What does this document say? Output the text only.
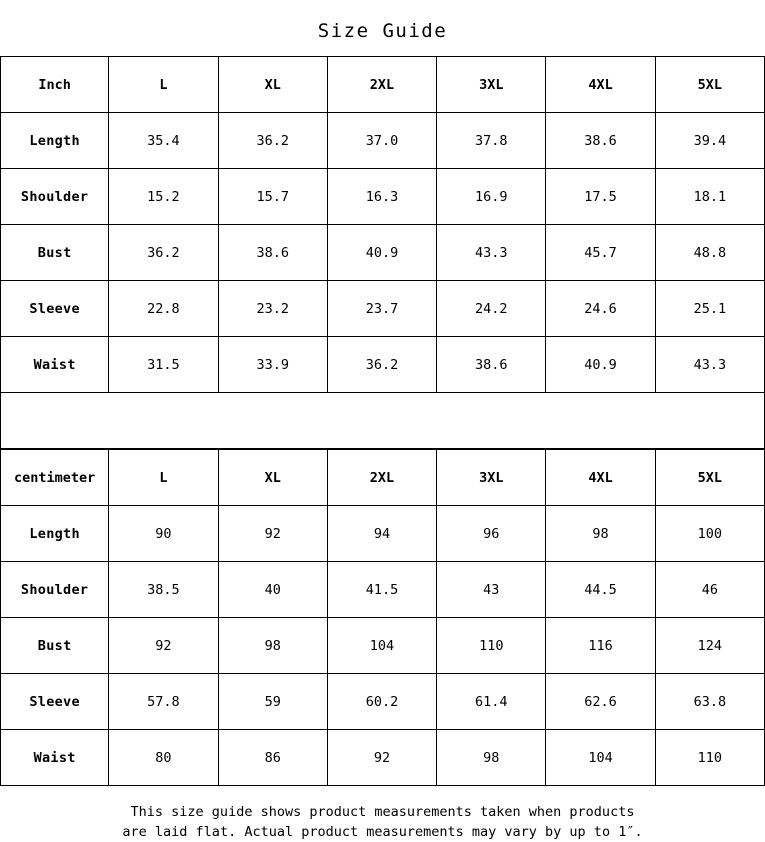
Size Guide
Inch	L	XL	2XL	3XL	4XL	5XL
Length	35.4	36.2	37.0	37.8	38.6	39.4
Shoulder	15.2	15.7	16.3	16.9	17.5	18.1
Bust	36.2	38.6	40.9	43.3	45.7	48.8
Sleeve	22.8	23.2	23.7	24.2	24.6	25.1
Waist	31.5	33.9	36.2	38.6	40.9	43.3

centimeter	L	XL	2XL	3XL	4XL	5XL
Length	90	92	94	96	98	100
Shoulder	38.5	40	41.5	43	44.5	46
Bust	92	98	104	110	116	124
Sleeve	57.8	59	60.2	61.4	62.6	63.8
Waist	80	86	92	98	104	110
This size guide shows product measurements taken when products
are laid flat. Actual product measurements may vary by up to 1″.
